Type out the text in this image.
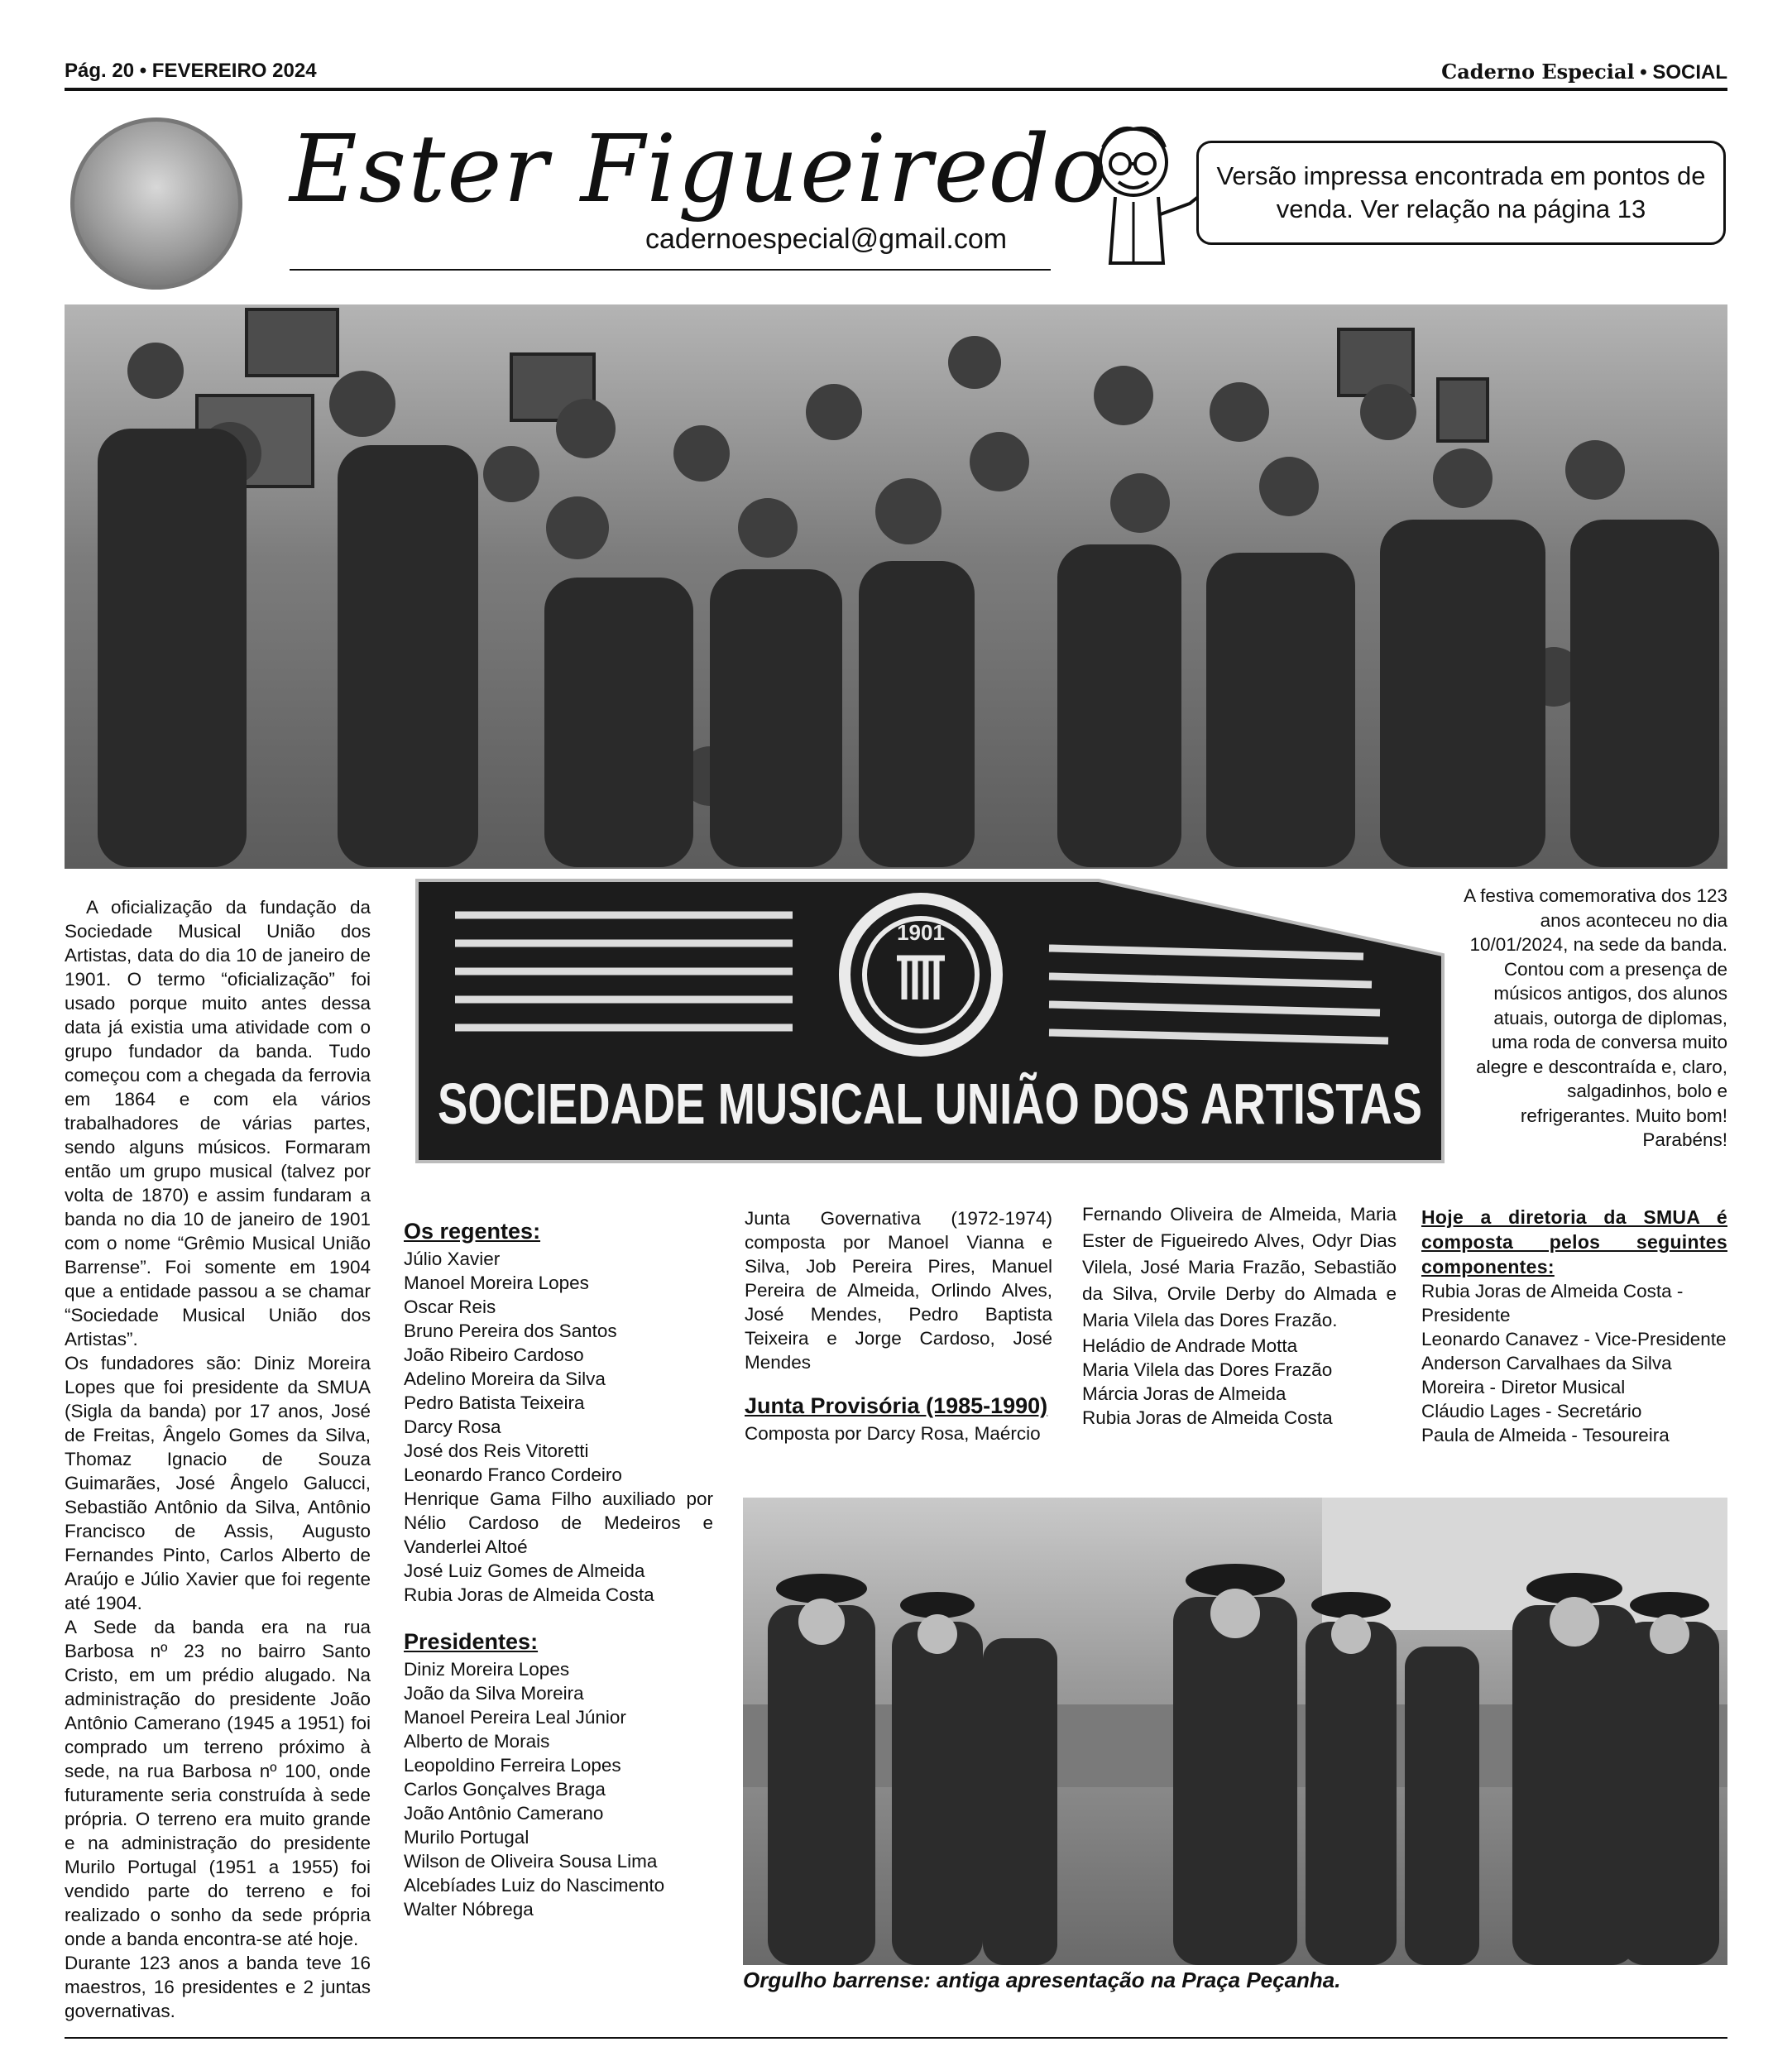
Pág. 20 • FEVEREIRO 2024	Caderno Especial • SOCIAL
Ester Figueiredo
cadernoespecial@gmail.com
Versão impressa encontrada em pontos de venda. Ver relação na página 13
1901
SOCIEDADE MUSICAL UNIÃO DOS ARTISTAS

A oficialização da fundação da Sociedade Musical União dos Artistas, data do dia 10 de janeiro de 1901. O termo “oficialização” foi usado porque muito antes dessa data já existia uma atividade com o grupo fundador da banda. Tudo começou com a chegada da ferrovia em 1864 e com ela vários trabalhadores de várias partes, sendo alguns músicos. Formaram então um grupo musical (talvez por volta de 1870) e assim fundaram a banda no dia 10 de janeiro de 1901 com o nome “Grêmio Musical União Barrense”. Foi somente em 1904 que a entidade passou a se chamar “Sociedade Musical União dos Artistas”.

Os fundadores são: Diniz Moreira Lopes que foi presidente da SMUA (Sigla da banda) por 17 anos, José de Freitas, Ângelo Gomes da Silva, Thomaz Ignacio de Souza Guimarães, José Ângelo Galucci, Sebastião Antônio da Silva, Antônio Francisco de Assis, Augusto Fernandes Pinto, Carlos Alberto de Araújo e Júlio Xavier que foi regente até 1904.

A Sede da banda era na rua Barbosa nº 23 no bairro Santo Cristo, em um prédio alugado. Na administração do presidente João Antônio Camerano (1945 a 1951) foi comprado um terreno próximo à sede, na rua Barbosa nº 100, onde futuramente seria construída à sede própria. O terreno era muito grande e na administração do presidente Murilo Portugal (1951 a 1955) foi vendido parte do terreno e foi realizado o sonho da sede própria onde a banda encontra-se até hoje.

Durante 123 anos a banda teve 16 maestros, 16 presidentes e 2 juntas governativas.

A festiva comemorativa dos 123 anos aconteceu no dia 10/01/2024, na sede da banda. Contou com a presença de músicos antigos, dos alunos atuais, outorga de diplomas, uma roda de conversa muito alegre e descontraída e, claro, salgadinhos, bolo e refrigerantes. Muito bom! Parabéns!
Os regentes:
Júlio Xavier
Manoel Moreira Lopes
Oscar Reis
Bruno Pereira dos Santos
João Ribeiro Cardoso
Adelino Moreira da Silva
Pedro Batista Teixeira
Darcy Rosa
José dos Reis Vitoretti
Leonardo Franco Cordeiro
Henrique Gama Filho auxiliado por Nélio Cardoso de Medeiros e Vanderlei Altoé
José Luiz Gomes de Almeida
Rubia Joras de Almeida Costa
Presidentes:
Diniz Moreira Lopes
João da Silva Moreira
Manoel Pereira Leal Júnior
Alberto de Morais
Leopoldino Ferreira Lopes
Carlos Gonçalves Braga
João Antônio Camerano
Murilo Portugal
Wilson de Oliveira Sousa Lima
Alcebíades Luiz do Nascimento
Walter Nóbrega

Junta Governativa (1972-1974) composta por Manoel Vianna e Silva, Job Pereira Pires, Manuel Pereira de Almeida, Orlindo Alves, José Mendes, Pedro Baptista Teixeira e Jorge Cardoso, José Mendes

Junta Provisória (1985-1990)

Composta por Darcy Rosa, Maércio

Fernando Oliveira de Almeida, Maria Ester de Figueiredo Alves, Odyr Dias Vilela, José Maria Frazão, Sebastião da Silva, Orvile Derby do Almada e Maria Vilela das Dores Frazão.

Heládio de Andrade Motta
Maria Vilela das Dores Frazão
Márcia Joras de Almeida
Rubia Joras de Almeida Costa
Hoje a diretoria da SMUA é composta pelos seguintes componentes:
Rubia Joras de Almeida Costa - Presidente
Leonardo Canavez - Vice-Presidente
Anderson Carvalhaes da Silva Moreira - Diretor Musical
Cláudio Lages - Secretário
Paula de Almeida - Tesoureira
Orgulho barrense: antiga apresentação na Praça Peçanha.
